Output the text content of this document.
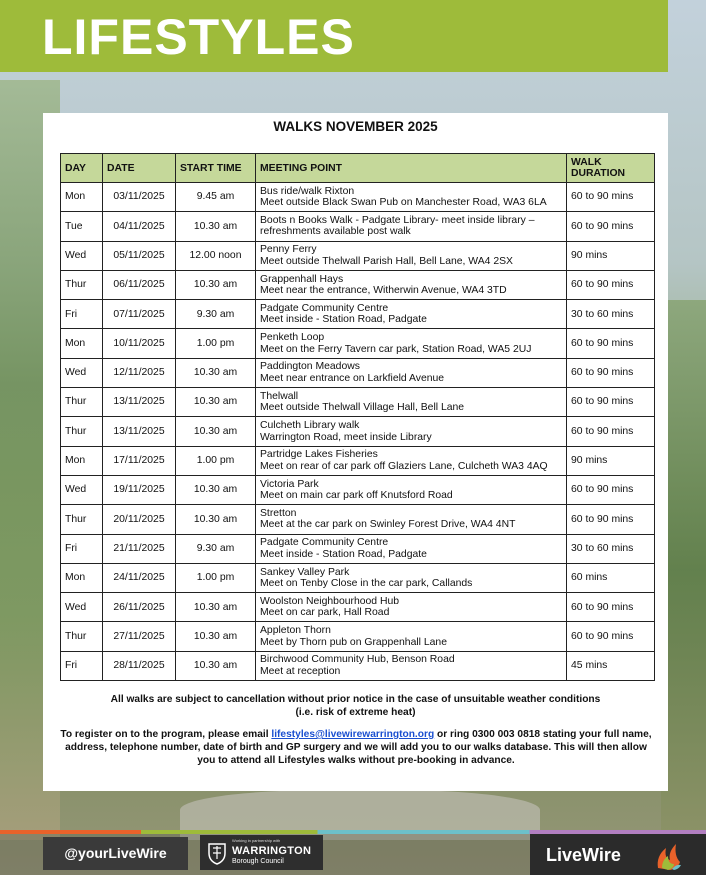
LIFESTYLES
WALKS NOVEMBER 2025
DAY	DATE	START TIME	MEETING POINT	WALK DURATION
Mon	03/11/2025	9.45 am	Bus ride/walk Rixton
Meet outside Black Swan Pub on Manchester Road, WA3 6LA	60 to 90 mins
Tue	04/11/2025	10.30 am	Boots n Books Walk - Padgate Library- meet inside library –
refreshments available post walk	60 to 90 mins
Wed	05/11/2025	12.00 noon	Penny Ferry
Meet outside Thelwall Parish Hall, Bell Lane, WA4 2SX	90 mins
Thur	06/11/2025	10.30 am	Grappenhall Hays
Meet near the entrance, Witherwin Avenue, WA4 3TD	60 to 90 mins
Fri	07/11/2025	9.30 am	Padgate Community Centre
Meet inside - Station Road, Padgate	30 to 60 mins
Mon	10/11/2025	1.00 pm	Penketh Loop
Meet on the Ferry Tavern car park, Station Road, WA5 2UJ	60 to 90 mins
Wed	12/11/2025	10.30 am	Paddington Meadows
Meet near entrance on Larkfield Avenue	60 to 90 mins
Thur	13/11/2025	10.30 am	Thelwall
Meet outside Thelwall Village Hall, Bell Lane	60 to 90 mins
Thur	13/11/2025	10.30 am	Culcheth Library walk
Warrington Road, meet inside Library	60 to 90 mins
Mon	17/11/2025	1.00 pm	Partridge Lakes Fisheries
Meet on rear of car park off Glaziers Lane, Culcheth WA3 4AQ	90 mins
Wed	19/11/2025	10.30 am	Victoria Park
Meet on main car park off Knutsford Road	60 to 90 mins
Thur	20/11/2025	10.30 am	Stretton
Meet at the car park on Swinley Forest Drive, WA4 4NT	60 to 90 mins
Fri	21/11/2025	9.30 am	Padgate Community Centre
Meet inside - Station Road, Padgate	30 to 60 mins
Mon	24/11/2025	1.00 pm	Sankey Valley Park
Meet on Tenby Close in the car park, Callands	60 mins
Wed	26/11/2025	10.30 am	Woolston Neighbourhood Hub
Meet on car park, Hall Road	60 to 90 mins
Thur	27/11/2025	10.30 am	Appleton Thorn
Meet by Thorn pub on Grappenhall Lane	60 to 90 mins
Fri	28/11/2025	10.30 am	Birchwood Community Hub, Benson Road
Meet at reception	45 mins
All walks are subject to cancellation without prior notice in the case of unsuitable weather conditions
(i.e. risk of extreme heat)
To register on to the program, please email lifestyles@livewirewarrington.org or ring 0300 003 0818 stating your full name, address, telephone number, date of birth and GP surgery and we will add you to our walks database. This will then allow you to attend all Lifestyles walks without pre-booking in advance.
@yourLiveWire
Working in partnership with
WARRINGTON
Borough Council	LiveWire
